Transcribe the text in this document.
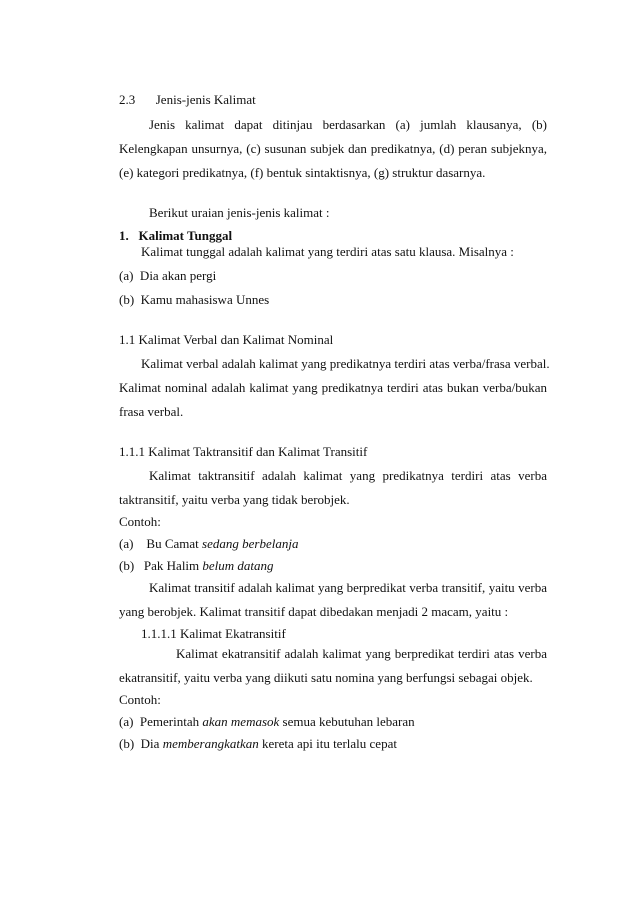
2.3 Jenis-jenis Kalimat
Jenis kalimat dapat ditinjau berdasarkan (a) jumlah klausanya, (b)
Kelengkapan unsurnya, (c) susunan subjek dan predikatnya, (d) peran subjeknya,
(e) kategori predikatnya, (f) bentuk sintaktisnya, (g) struktur dasarnya.
Berikut uraian jenis-jenis kalimat :
1.   Kalimat Tunggal
Kalimat tunggal adalah kalimat yang terdiri atas satu klausa. Misalnya :
(a)  Dia akan pergi
(b)  Kamu mahasiswa Unnes
1.1 Kalimat Verbal dan Kalimat Nominal
Kalimat verbal adalah kalimat yang predikatnya terdiri atas verba/frasa verbal.
Kalimat nominal adalah kalimat yang predikatnya terdiri atas bukan verba/bukan
frasa verbal.
1.1.1 Kalimat Taktransitif dan Kalimat Transitif
Kalimat taktransitif adalah kalimat yang predikatnya terdiri atas verba
taktransitif, yaitu verba yang tidak berobjek.
Contoh:
(a)    Bu Camat sedang berbelanja
(b)   Pak Halim belum datang
Kalimat transitif adalah kalimat yang berpredikat verba transitif, yaitu verba
yang berobjek. Kalimat transitif dapat dibedakan menjadi 2 macam, yaitu :
1.1.1.1 Kalimat Ekatransitif
Kalimat ekatransitif adalah kalimat yang berpredikat terdiri atas verba
ekatransitif, yaitu verba yang diikuti satu nomina yang berfungsi sebagai objek.
Contoh:
(a)  Pemerintah akan memasok semua kebutuhan lebaran
(b)  Dia memberangkatkan kereta api itu terlalu cepat
